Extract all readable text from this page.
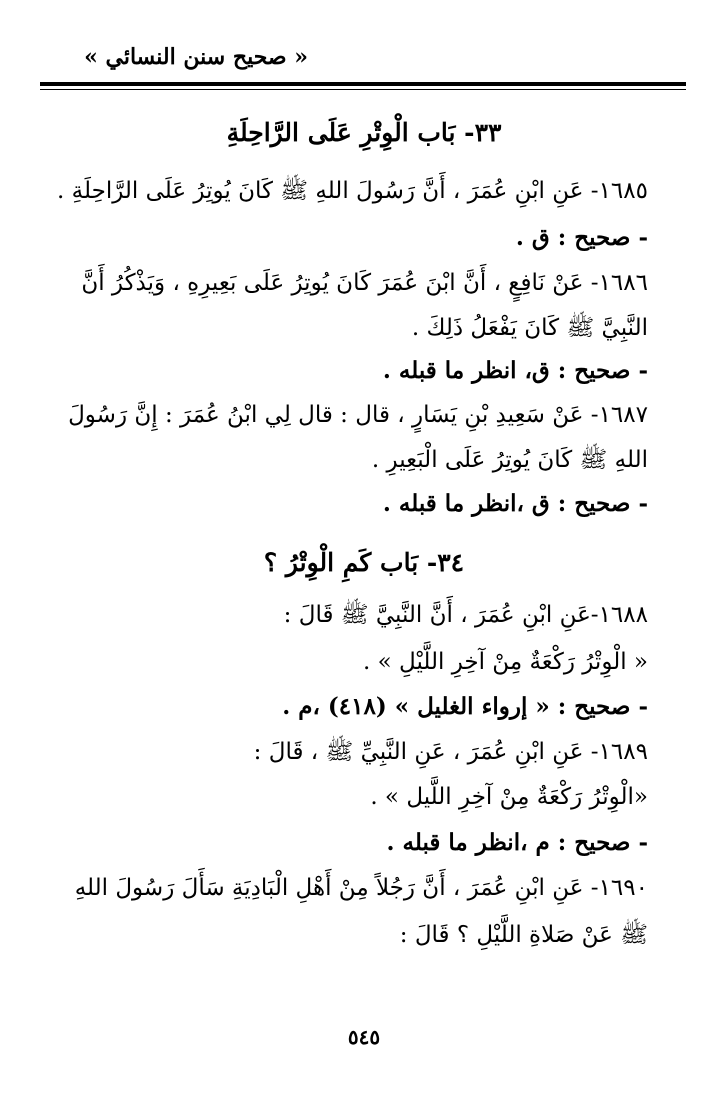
« صحيح سنن النسائي »
٣٣- بَاب الْوِتْرِ عَلَى الرَّاحِلَةِ
١٦٨٥- عَنِ ابْنِ عُمَرَ ، أَنَّ رَسُولَ اللهِ ﷺ كَانَ يُوتِرُ عَلَى الرَّاحِلَةِ .
- صحيح : ق .
١٦٨٦- عَنْ نَافِعٍ ، أَنَّ ابْنَ عُمَرَ كَانَ يُوتِرُ عَلَى بَعِيرِهِ ، وَيَذْكُرُ أَنَّ
النَّبِيَّ ﷺ كَانَ يَفْعَلُ ذَلِكَ .
- صحيح : ق، انظر ما قبله .
١٦٨٧- عَنْ سَعِيدِ بْنِ يَسَارٍ ، قال : قال لِي ابْنُ عُمَرَ : إِنَّ رَسُولَ
اللهِ ﷺ كَانَ يُوتِرُ عَلَى الْبَعِيرِ .
- صحيح : ق ،انظر ما قبله .
٣٤- بَاب كَمِ الْوِتْرُ ؟
١٦٨٨-عَنِ ابْنِ عُمَرَ ، أَنَّ النَّبِيَّ ﷺ قَالَ :
« الْوِتْرُ رَكْعَةٌ مِنْ آخِرِ اللَّيْلِ » .
- صحيح : « إرواء الغليل » (٤١٨) ،م .
١٦٨٩- عَنِ ابْنِ عُمَرَ ، عَنِ النَّبِيِّ ﷺ ، قَالَ :
«الْوِتْرُ رَكْعَةٌ مِنْ آخِرِ اللَّيل » .
- صحيح : م ،انظر ما قبله .
١٦٩٠- عَنِ ابْنِ عُمَرَ ، أَنَّ رَجُلاً مِنْ أَهْلِ الْبَادِيَةِ سَأَلَ رَسُولَ اللهِ
ﷺ عَنْ صَلاةِ اللَّيْلِ ؟ قَالَ :
٥٤٥
